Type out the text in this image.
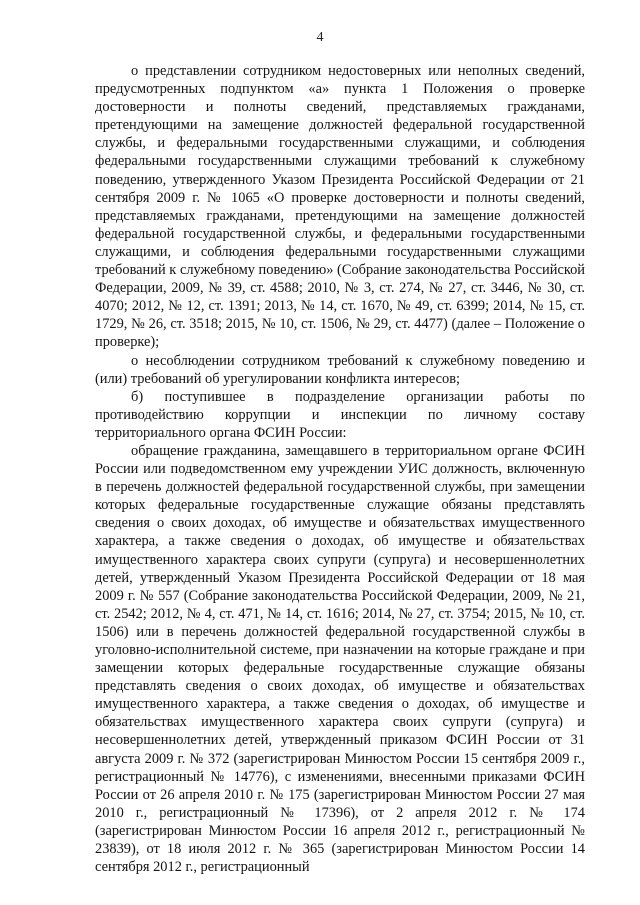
4

о представлении сотрудником недостоверных или неполных сведений, предусмотренных подпунктом «а» пункта 1 Положения о проверке достоверности и полноты сведений, представляемых гражданами, претендующими на замещение должностей федеральной государственной службы, и федеральными государственными служащими, и соблюдения федеральными государственными служащими требований к служебному поведению, утвержденного Указом Президента Российской Федерации от 21 сентября 2009 г. № 1065 «О проверке достоверности и полноты сведений, представляемых гражданами, претендующими на замещение должностей федеральной государственной службы, и федеральными государственными служащими, и соблюдения федеральными государственными служащими требований к служебному поведению» (Собрание законодательства Российской Федерации, 2009, № 39, ст. 4588; 2010, № 3, ст. 274, № 27, ст. 3446, № 30, ст. 4070; 2012, № 12, ст. 1391; 2013, № 14, ст. 1670, № 49, ст. 6399; 2014, № 15, ст. 1729, № 26, ст. 3518; 2015, № 10, ст. 1506, № 29, ст. 4477) (далее – Положение о проверке);

о несоблюдении сотрудником требований к служебному поведению и (или) требований об урегулировании конфликта интересов;

б) поступившее в подразделение организации работы по противодействию коррупции и инспекции по личному составу территориального органа ФСИН России:

обращение гражданина, замещавшего в территориальном органе ФСИН России или подведомственном ему учреждении УИС должность, включенную в перечень должностей федеральной государственной службы, при замещении которых федеральные государственные служащие обязаны представлять сведения о своих доходах, об имуществе и обязательствах имущественного характера, а также сведения о доходах, об имуществе и обязательствах имущественного характера своих супруги (супруга) и несовершеннолетних детей, утвержденный Указом Президента Российской Федерации от 18 мая 2009 г. № 557 (Собрание законодательства Российской Федерации, 2009, № 21, ст. 2542; 2012, № 4, ст. 471, № 14, ст. 1616; 2014, № 27, ст. 3754; 2015, № 10, ст. 1506) или в перечень должностей федеральной государственной службы в уголовно-исполнительной системе, при назначении на которые граждане и при замещении которых федеральные государственные служащие обязаны представлять сведения о своих доходах, об имуществе и обязательствах имущественного характера, а также сведения о доходах, об имуществе и обязательствах имущественного характера своих супруги (супруга) и несовершеннолетних детей, утвержденный приказом ФСИН России от 31 августа 2009 г. № 372 (зарегистрирован Минюстом России 15 сентября 2009 г., регистрационный № 14776), с изменениями, внесенными приказами ФСИН России от 26 апреля 2010 г. № 175 (зарегистрирован Минюстом России 27 мая 2010 г., регистрационный № 17396), от 2 апреля 2012 г. № 174 (зарегистрирован Минюстом России 16 апреля 2012 г., регистрационный № 23839), от 18 июля 2012 г. № 365 (зарегистрирован Минюстом России 14 сентября 2012 г., регистрационный
